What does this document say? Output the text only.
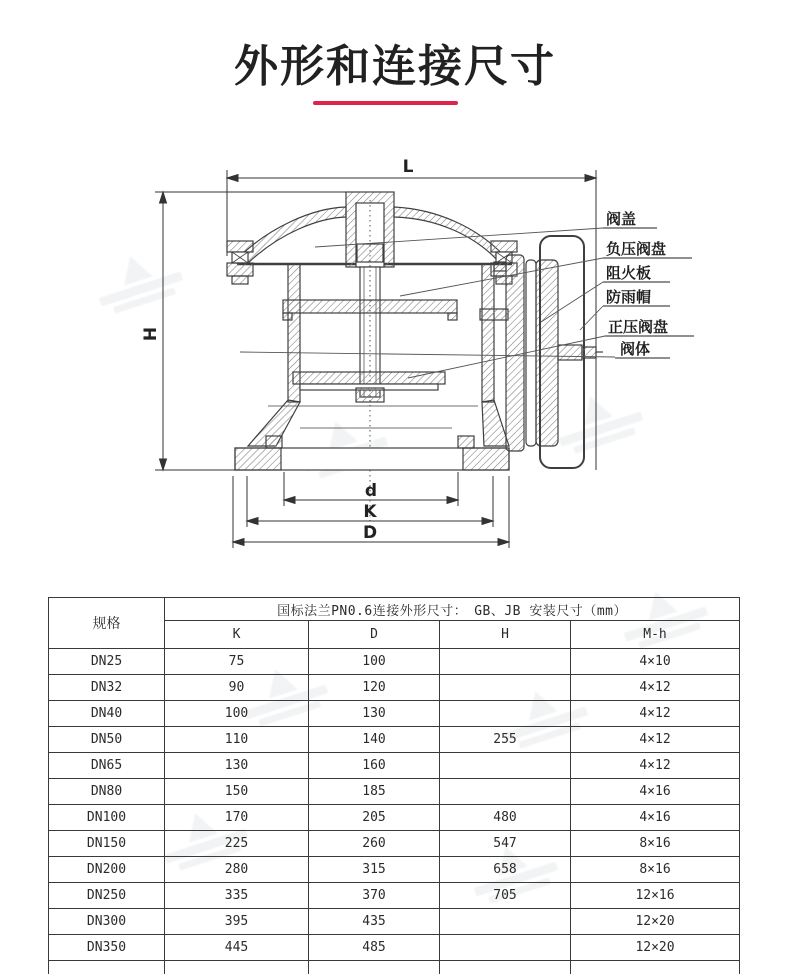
外形和连接尺寸
L
H
d
K
D
阀盖
负压阀盘
阻火板
防雨帽
正压阀盘
阀体
规格	国标法兰PN0.6连接外形尺寸：　GB、JB 安装尺寸（mm）			
	K	D	H	M-h
DN25	75	100		4×10
DN32	90	120		4×12
DN40	100	130		4×12
DN50	110	140	255	4×12
DN65	130	160		4×12
DN80	150	185		4×16
DN100	170	205	480	4×16
DN150	225	260	547	8×16
DN200	280	315	658	8×16
DN250	335	370	705	12×16
DN300	395	435		12×20
DN350	445	485		12×20
